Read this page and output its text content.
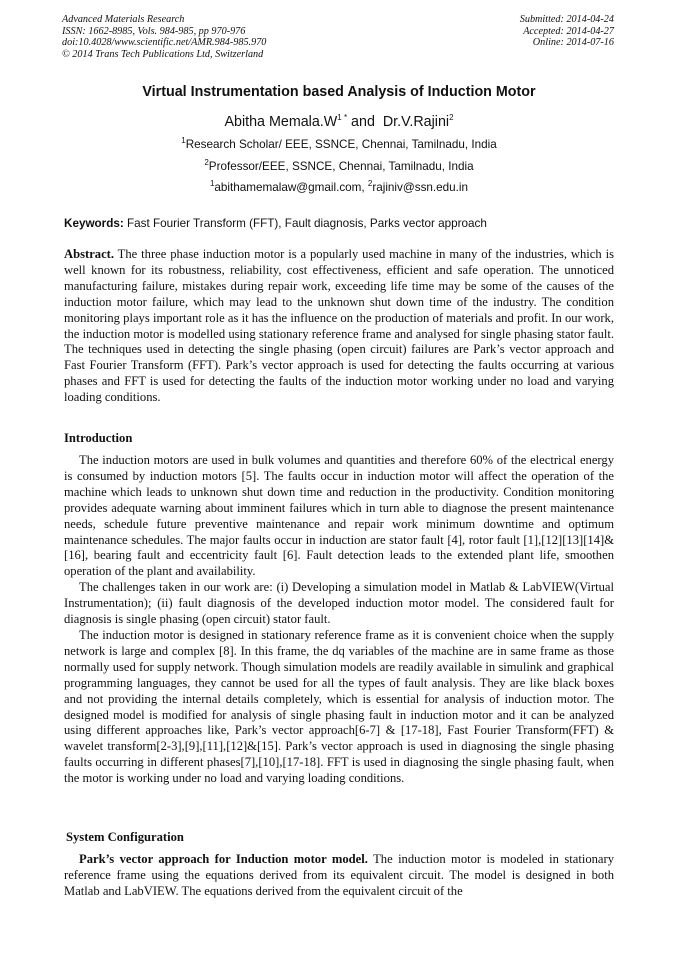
Advanced Materials Research
ISSN: 1662-8985, Vols. 984-985, pp 970-976
doi:10.4028/www.scientific.net/AMR.984-985.970
© 2014 Trans Tech Publications Ltd, Switzerland
Submitted: 2014-04-24
Accepted: 2014-04-27
Online: 2014-07-16
Virtual Instrumentation based Analysis of Induction Motor
Abitha $Memala.W^{1 *}$ and  Dr.V.Rajini$^2$
$^1$Research Scholar/ EEE, SSNCE, Chennai, Tamilnadu, India
$^2$Professor/EEE, SSNCE, Chennai, Tamilnadu, India
$^1$abithamemalaw@gmail.com, $^2$rajiniv@ssn.edu.in
Keywords: Fast Fourier Transform (FFT), Fault diagnosis, Parks vector approach

Abstract. The three phase induction motor is a popularly used machine in many of the industries, which is well known for its robustness, reliability, cost effectiveness, efficient and safe operation. The unnoticed manufacturing failure, mistakes during repair work, exceeding life time may be some of the causes of the induction motor failure, which may lead to the unknown shut down time of the industry. The condition monitoring plays important role as it has the influence on the production of materials and profit. In our work, the induction motor is modelled using stationary reference frame and analysed for single phasing stator fault. The techniques used in detecting the single phasing (open circuit) failures are Park’s vector approach and Fast Fourier Transform (FFT). Park’s vector approach is used for detecting the faults occurring at various phases and FFT is used for detecting the faults of the induction motor working under no load and varying loading conditions.

Introduction

The induction motors are used in bulk volumes and quantities and therefore 60% of the electrical energy is consumed by induction motors [5]. The faults occur in induction motor will affect the operation of the machine which leads to unknown shut down time and reduction in the productivity. Condition monitoring provides adequate warning about imminent failures which in turn able to diagnose the present maintenance needs, schedule future preventive maintenance and repair work minimum downtime and optimum maintenance schedules. The major faults occur in induction are stator fault [4], rotor fault [1],[12][13][14]&[16], bearing fault and eccentricity fault [6]. Fault detection leads to the extended plant life, smoothen operation of the plant and availability.

The challenges taken in our work are: (i) Developing a simulation model in Matlab & LabVIEW(Virtual Instrumentation); (ii) fault diagnosis of the developed induction motor model. The considered fault for diagnosis is single phasing (open circuit) stator fault.

The induction motor is designed in stationary reference frame as it is convenient choice when the supply network is large and complex [8]. In this frame, the dq variables of the machine are in same frame as those normally used for supply network. Though simulation models are readily available in simulink and graphical programming languages, they cannot be used for all the types of fault analysis. They are like black boxes and not providing the internal details completely, which is essential for analysis of induction motor. The designed model is modified for analysis of single phasing fault in induction motor and it can be analyzed using different approaches like, Park’s vector approach[6-7] & [17-18], Fast Fourier Transform(FFT) & wavelet transform[2-3],[9],[11],[12]&[15]. Park’s vector approach is used in diagnosing the single phasing faults occurring in different phases[7],[10],[17-18]. FFT is used in diagnosing the single phasing fault, when the motor is working under no load and varying loading conditions.

System Configuration

Park’s vector approach for Induction motor model. The induction motor is modeled in stationary reference frame using the equations derived from its equivalent circuit. The model is designed in both Matlab and LabVIEW. The equations derived from the equivalent circuit of the
